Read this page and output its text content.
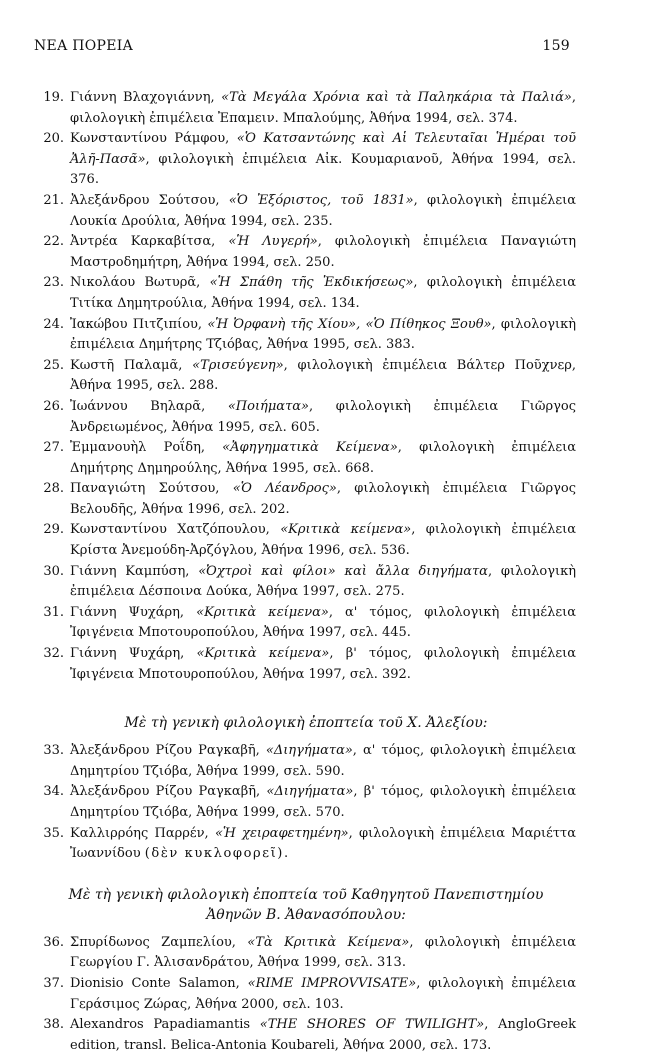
ΝΕΑ ΠΟΡΕΙΑ	159
19. Γιάννη Βλαχογιάννη, «Τὰ Μεγάλα Χρόνια καὶ τὰ Παληκάρια τὰ Παλιά», φιλολογικὴ ἐπιμέλεια Ἐπαμειν. Μπαλούμης, Ἀθήνα 1994, σελ. 374.
20. Κωνσταντίνου Ράμφου, «Ὁ Κατσαντώνης καὶ Αἱ Τελευταῖαι Ἡμέραι τοῦ Ἀλῆ-Πασᾶ», φιλολογικὴ ἐπιμέλεια Αἰκ. Κουμαριανοῦ, Ἀθήνα 1994, σελ. 376.
21. Ἀλεξάνδρου Σούτσου, «Ὁ Ἐξόριστος, τοῦ 1831», φιλολογικὴ ἐπιμέλεια Λουκία Δρούλια, Ἀθήνα 1994, σελ. 235.
22. Ἀντρέα Καρκαβίτσα, «Ἡ Λυγερή», φιλολογικὴ ἐπιμέλεια Παναγιώτη Μαστροδημήτρη, Ἀθήνα 1994, σελ. 250.
23. Νικολάου Βωτυρᾶ, «Ἡ Σπάθη τῆς Ἐκδικήσεως», φιλολογικὴ ἐπιμέλεια Τιτίκα Δημητρούλια, Ἀθήνα 1994, σελ. 134.
24. Ἰακώβου Πιτζιπίου, «Ἡ Ὀρφανὴ τῆς Χίου», «Ὁ Πίθηκος Ξουθ», φιλολογικὴ ἐπιμέλεια Δημήτρης Τζιόβας, Ἀθήνα 1995, σελ. 383.
25. Κωστῆ Παλαμᾶ, «Τρισεύγενη», φιλολογικὴ ἐπιμέλεια Βάλτερ Ποῦχνερ, Ἀθήνα 1995, σελ. 288.
26. Ἰωάννου Βηλαρᾶ, «Ποιήματα», φιλολογικὴ ἐπιμέλεια Γιῶργος Ἀνδρειωμένος, Ἀθήνα 1995, σελ. 605.
27. Ἐμμανουὴλ Ροΐδη, «Ἀφηγηματικὰ Κείμενα», φιλολογικὴ ἐπιμέλεια Δημήτρης Δημηρούλης, Ἀθήνα 1995, σελ. 668.
28. Παναγιώτη Σούτσου, «Ὁ Λέανδρος», φιλολογικὴ ἐπιμέλεια Γιῶργος Βελουδῆς, Ἀθήνα 1996, σελ. 202.
29. Κωνσταντίνου Χατζόπουλου, «Κριτικὰ κείμενα», φιλολογικὴ ἐπιμέλεια Κρίστα Ἀνεμούδη-Ἀρζόγλου, Ἀθήνα 1996, σελ. 536.
30. Γιάννη Καμπύση, «Ὀχτροὶ καὶ φίλοι» καὶ ἄλλα διηγήματα, φιλολογικὴ ἐπιμέλεια Δέσποινα Δούκα, Ἀθήνα 1997, σελ. 275.
31. Γιάννη Ψυχάρη, «Κριτικὰ κείμενα», α' τόμος, φιλολογικὴ ἐπιμέλεια Ἰφιγένεια Μποτουροπούλου, Ἀθήνα 1997, σελ. 445.
32. Γιάννη Ψυχάρη, «Κριτικὰ κείμενα», β' τόμος, φιλολογικὴ ἐπιμέλεια Ἰφιγένεια Μποτουροπούλου, Ἀθήνα 1997, σελ. 392.
Μὲ τὴ γενικὴ φιλολογικὴ ἐποπτεία τοῦ Χ. Ἀλεξίου:
33. Ἀλεξάνδρου Ρίζου Ραγκαβῆ, «Διηγήματα», α' τόμος, φιλολογικὴ ἐπιμέλεια Δημητρίου Τζιόβα, Ἀθήνα 1999, σελ. 590.
34. Ἀλεξάνδρου Ρίζου Ραγκαβῆ, «Διηγήματα», β' τόμος, φιλολογικὴ ἐπιμέλεια Δημητρίου Τζιόβα, Ἀθήνα 1999, σελ. 570.
35. Καλλιρρόης Παρρέν, «Ἡ χειραφετημένη», φιλολογικὴ ἐπιμέλεια Μαριέττα Ἰωαννίδου (δὲν κυκλοφορεῖ).
Μὲ τὴ γενικὴ φιλολογικὴ ἐποπτεία τοῦ Καθηγητοῦ Πανεπιστημίου
Ἀθηνῶν Β. Ἀθανασόπουλου:
36. Σπυρίδωνος Ζαμπελίου, «Τὰ Κριτικὰ Κείμενα», φιλολογικὴ ἐπιμέλεια Γεωργίου Γ. Ἀλισανδράτου, Ἀθήνα 1999, σελ. 313.
37. Dionisio Conte Salamon, «RIME IMPROVVISATE», φιλολογικὴ ἐπιμέλεια Γεράσιμος Ζώρας, Ἀθήνα 2000, σελ. 103.
38. Alexandros Papadiamantis «THE SHORES OF TWILIGHT», AngloGreek edition, transl. Belica-Antonia Koubareli, Ἀθήνα 2000, σελ. 173.
